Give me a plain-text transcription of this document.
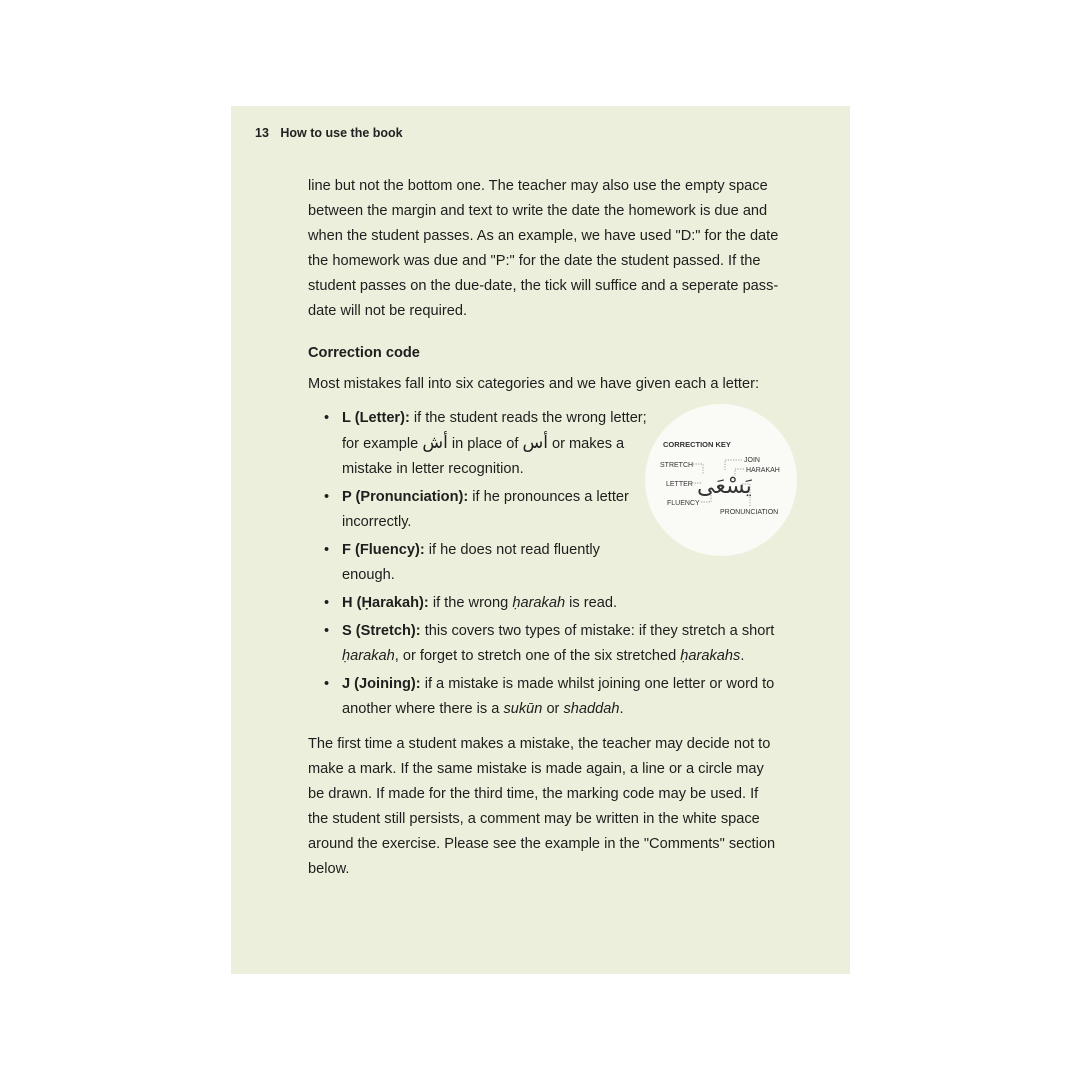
13 How to use the book
line but not the bottom one. The teacher may also use the empty space
between the margin and text to write the date the homework is due and
when the student passes. As an example, we have used "D:" for the date
the homework was due and "P:" for the date the student passed. If the
student passes on the due-date, the tick will suffice and a seperate pass-
date will not be required.
Correction code
Most mistakes fall into six categories and we have given each a letter:
• L (Letter): if the student reads the wrong letter;
for example أش in place of أس or makes a
mistake in letter recognition.
• P (Pronunciation): if he pronounces a letter
incorrectly.
• F (Fluency): if he does not read fluently
enough.
• H (Ḥarakah): if the wrong ḥarakah is read.
• S (Stretch): this covers two types of mistake: if they stretch a short
ḥarakah, or forget to stretch one of the six stretched ḥarakahs.
• J (Joining): if a mistake is made whilst joining one letter or word to
another where there is a sukūn or shaddah.
The first time a student makes a mistake, the teacher may decide not to
make a mark. If the same mistake is made again, a line or a circle may
be drawn. If made for the third time, the marking code may be used. If
the student still persists, a comment may be written in the white space
around the exercise. Please see the example in the "Comments" section
below.
CORRECTION KEY
STRETCH
JOIN
HARAKAH
LETTER
FLUENCY
PRONUNCIATION
يَسْعَى
